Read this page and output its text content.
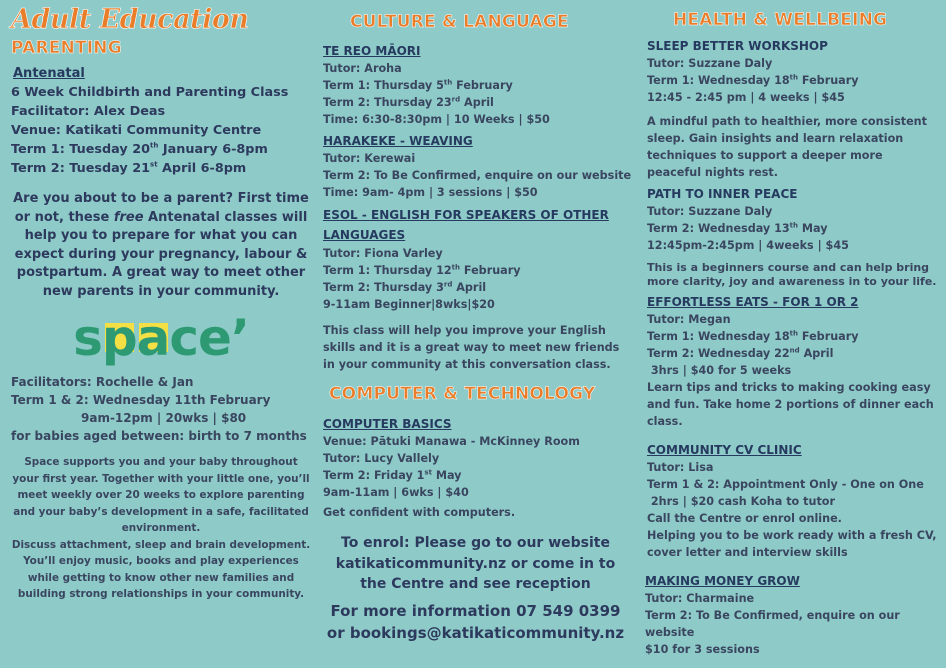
Adult Education
PARENTING
Antenatal
6 Week Childbirth and Parenting Class
Facilitator: Alex Deas
Venue: Katikati Community Centre
Term 1: Tuesday 20th January 6-8pm
Term 2: Tuesday 21st April 6-8pm

Are you about to be a parent? First time or not, these free Antenatal classes will help you to prepare for what you can expect during your pregnancy, labour & postpartum. A great way to meet other new parents in your community.

s
p
ace’
Facilitators: Rochelle & Jan
Term 1 & 2: Wednesday 11th February
9am-12pm | 20wks | $80
for babies aged between: birth to 7 months

Space supports you and your baby throughout your first year. Together with your little one, you’ll meet weekly over 20 weeks to explore parenting and your baby’s development in a safe, facilitated environment.

Discuss attachment, sleep and brain development. You’ll enjoy music, books and play experiences while getting to know other new families and building strong relationships in your community.

CULTURE & LANGUAGE
TE REO MĀORI
Tutor: Aroha
Term 1: Thursday 5th February
Term 2: Thursday 23rd April
Time: 6:30-8:30pm | 10 Weeks | $50
HARAKEKE - WEAVING
Tutor: Kerewai
Term 2: To Be Confirmed, enquire on our website
Time: 9am- 4pm | 3 sessions | $50
ESOL - ENGLISH FOR SPEAKERS OF OTHER
LANGUAGES
Tutor: Fiona Varley
Term 1: Thursday 12th February
Term 2: Thursday 3rd April
9-11am Beginner|8wks|$20

This class will help you improve your English skills and it is a great way to meet new friends in your community at this conversation class.

COMPUTER & TECHNOLOGY
COMPUTER BASICS
Venue: Pātuki Manawa - McKinney Room
Tutor: Lucy Vallely
Term 2: Friday 1st May
9am-11am | 6wks | $40
Get confident with computers.

To enrol: Please go to our website katikaticommunity.nz or come in to the Centre and see reception

For more information 07 549 0399

or bookings@katikaticommunity.nz

HEALTH & WELLBEING
SLEEP BETTER WORKSHOP
Tutor: Suzzane Daly
Term 1: Wednesday 18th February
12:45 - 2:45 pm | 4 weeks | $45

A mindful path to healthier, more consistent sleep. Gain insights and learn relaxation techniques to support a deeper more peaceful nights rest.

PATH TO INNER PEACE
Tutor: Suzzane Daly
Term 2: Wednesday 13th May
12:45pm-2:45pm | 4weeks | $45

This is a beginners course and can help bring more clarity, joy and awareness in to your life.

EFFORTLESS EATS - FOR 1 OR 2
Tutor: Megan
Term 1: Wednesday 18th February
Term 2: Wednesday 22nd April
3hrs | $40 for 5 weeks

Learn tips and tricks to making cooking easy and fun. Take home 2 portions of dinner each class.

COMMUNITY CV CLINIC
Tutor: Lisa
Term 1 & 2: Appointment Only - One on One
2hrs | $20 cash Koha to tutor
Call the Centre or enrol online.

Helping you to be work ready with a fresh CV, cover letter and interview skills

MAKING MONEY GROW
Tutor: Charmaine

Term 2: To Be Confirmed, enquire on our website

$10 for 3 sessions
